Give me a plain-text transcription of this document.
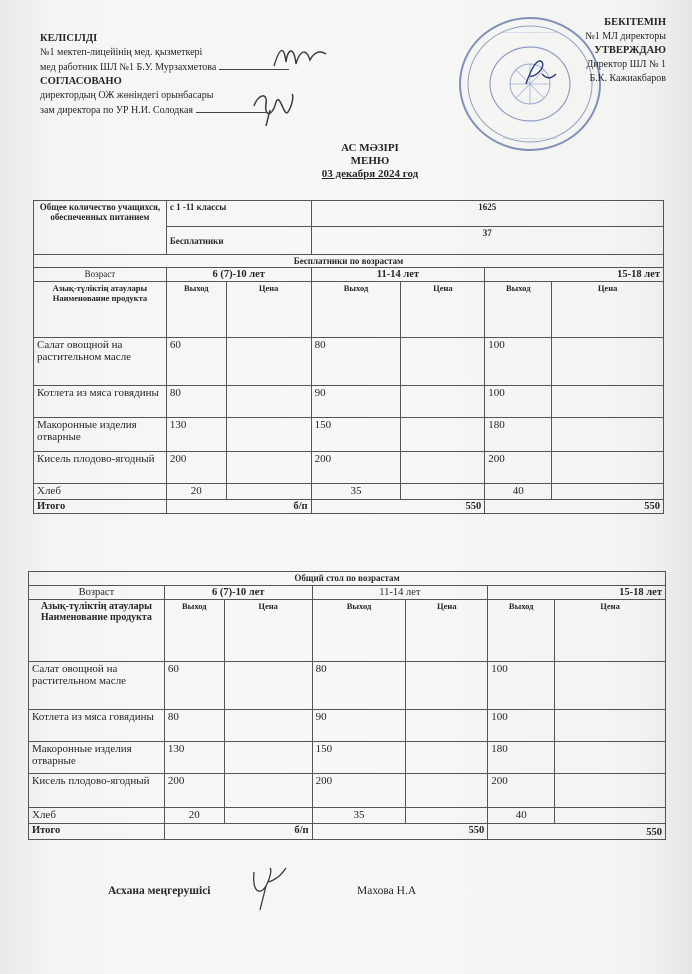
КЕЛІСІЛДІ
№1 мектеп-лицейінің мед. қызметкері
мед работник ШЛ №1 Б.У. Мурзахметова
СОГЛАСОВАНО
директордың ОЖ жөніндегі орынбасары
зам директора по УР Н.И. Солодкая
·····························
·····························
БЕКІТЕМІН
№1 МЛ директоры
УТВЕРЖДАЮ
Директор ШЛ № 1
Б.К. Кажиакбаров
АС МӘЗІРІ
МЕНЮ
03 декабря 2024 год
Общее количество учащихся, обеспеченных питанием	с 1 -11 классы		1625			
	Бесплатники		37			
Бесплатники по возрастам						
Возраст	6 (7)-10 лет		11-14 лет		15-18 лет	
Азық-түліктің атаулары Наименование продукта	Выход	Цена	Выход	Цена	Выход	Цена
Салат овощной на растительном масле	60		80		100	
Котлета из мяса говядины	80		90		100	
Макоронные изделия отварные	130		150		180	
Кисель плодово-ягодный	200		200		200	
Хлеб	20		35		40	
Итого	б/п		550		550	
Общий стол по возрастам						
Возраст	6 (7)-10 лет		11-14 лет		15-18 лет	
Азық-түліктің атаулары Наименование продукта	Выход	Цена	Выход	Цена	Выход	Цена
Салат овощной на растительном масле	60		80		100	
Котлета из мяса говядины	80		90		100	
Макоронные изделия отварные	130		150		180	
Кисель плодово-ягодный	200		200		200	
Хлеб	20		35		40	
Итого	б/п		550		550	
Асхана меңгерушісі	Махова Н.А
